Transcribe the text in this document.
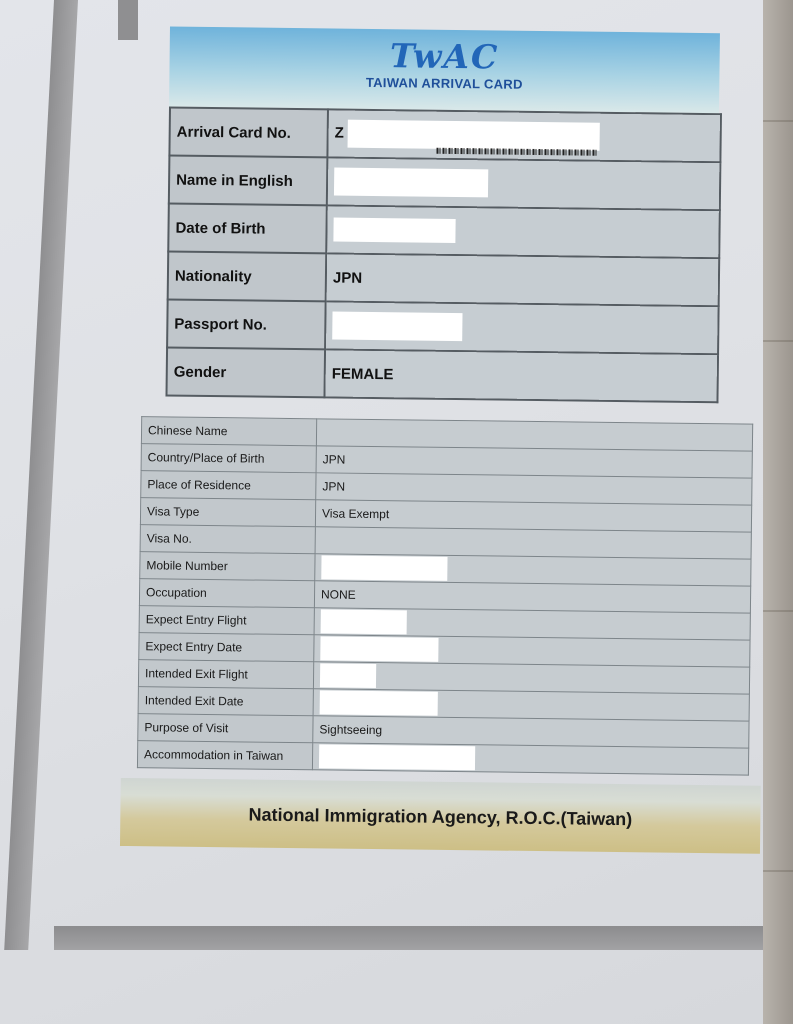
TwAC
TAIWAN ARRIVAL CARD
Arrival Card No.	Z

Name in English	
Date of Birth	
Nationality	JPN
Passport No.	
Gender	FEMALE
Chinese Name	
Country/Place of Birth	JPN
Place of Residence	JPN
Visa Type	Visa Exempt
Visa No.	
Mobile Number	
Occupation	NONE
Expect Entry Flight	
Expect Entry Date	
Intended Exit Flight	
Intended Exit Date	
Purpose of Visit	Sightseeing
Accommodation in Taiwan	
National Immigration Agency, R.O.C.(Taiwan)
